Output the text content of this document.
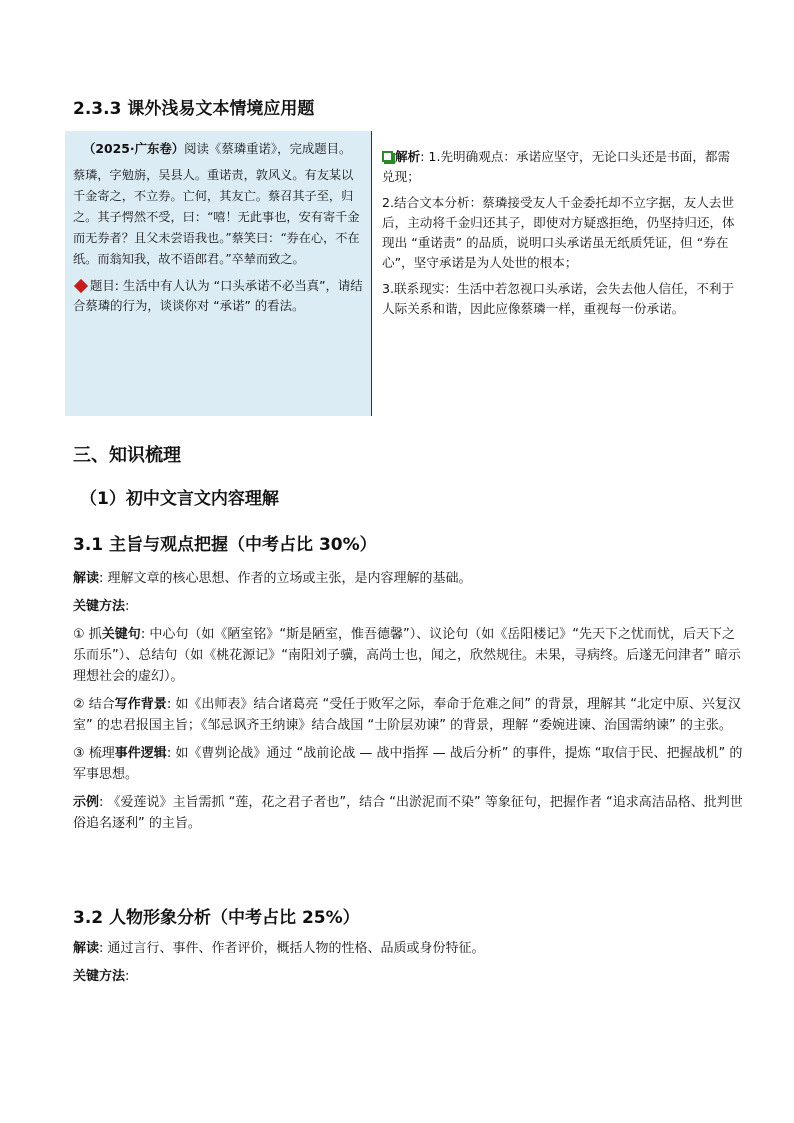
2.3.3 课外浅易文本情境应用题

（2025·广东卷）阅读《蔡璘重诺》，完成题目。

蔡璘，字勉旃，吴县人。重诺责，敦风义。有友某以千金寄之，不立券。亡何，其友亡。蔡召其子至，归之。其子愕然不受，曰：“嘻！无此事也，安有寄千金而无券者？且父未尝语我也。”蔡笑曰：“券在心，不在纸。而翁知我，故不语郎君。”卒辇而致之。

题目: 生活中有人认为 “口头承诺不必当真”，请结合蔡璘的行为，谈谈你对 “承诺” 的看法。

解析: 1.先明确观点：承诺应坚守，无论口头还是书面，都需兑现；

2.结合文本分析：蔡璘接受友人千金委托却不立字据，友人去世后，主动将千金归还其子，即使对方疑惑拒绝，仍坚持归还，体现出 “重诺责” 的品质，说明口头承诺虽无纸质凭证，但 “券在心”，坚守承诺是为人处世的根本；

3.联系现实：生活中若忽视口头承诺，会失去他人信任，不利于人际关系和谐，因此应像蔡璘一样，重视每一份承诺。

三、知识梳理
（1）初中文言文内容理解
3.1 主旨与观点把握（中考占比 30%）

解读: 理解文章的核心思想、作者的立场或主张，是内容理解的基础。

关键方法:

① 抓关键句: 中心句（如《陋室铭》“斯是陋室，惟吾德馨”）、议论句（如《岳阳楼记》“先天下之忧而忧，后天下之乐而乐”）、总结句（如《桃花源记》“南阳刘子骥，高尚士也，闻之，欣然规往。未果，寻病终。后遂无问津者” 暗示理想社会的虚幻）。

② 结合写作背景: 如《出师表》结合诸葛亮 “受任于败军之际，奉命于危难之间” 的背景，理解其 “北定中原、兴复汉室” 的忠君报国主旨；《邹忌讽齐王纳谏》结合战国 “士阶层劝谏” 的背景，理解 “委婉进谏、治国需纳谏” 的主张。

③ 梳理事件逻辑: 如《曹刿论战》通过 “战前论战 — 战中指挥 — 战后分析” 的事件，提炼 “取信于民、把握战机” 的军事思想。

示例: 《爱莲说》主旨需抓 “莲，花之君子者也”，结合 “出淤泥而不染” 等象征句，把握作者 “追求高洁品格、批判世俗追名逐利” 的主旨。

3.2 人物形象分析（中考占比 25%）

解读: 通过言行、事件、作者评价，概括人物的性格、品质或身份特征。

关键方法:
